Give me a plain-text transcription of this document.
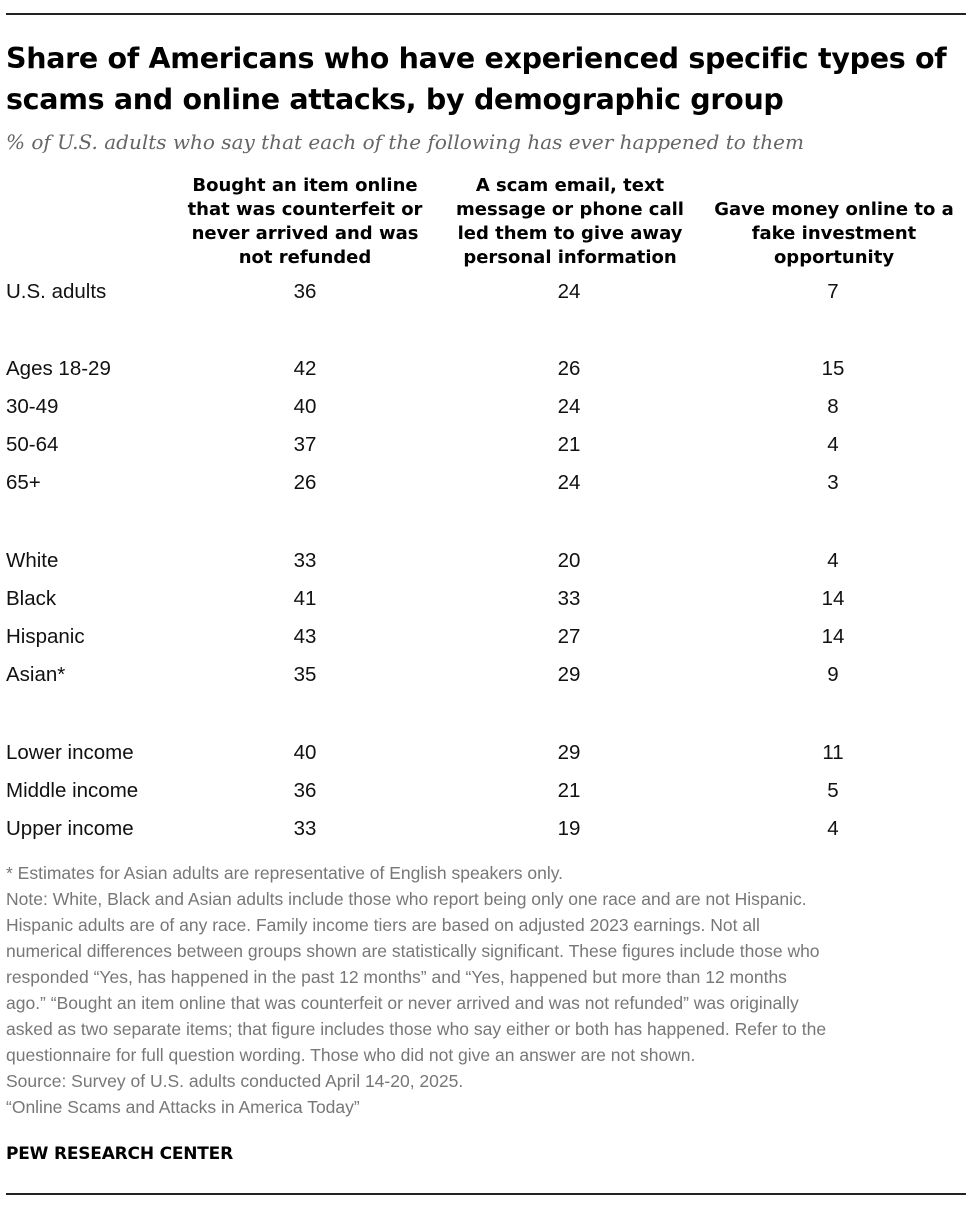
Share of Americans who have experienced specific types of
scams and online attacks, by demographic group
% of U.S. adults who say that each of the following has ever happened to them
Bought an item online
that was counterfeit or
never arrived and was
not refunded
A scam email, text
message or phone call
led them to give away
personal information
Gave money online to a
fake investment
opportunity
U.S. adults	36	24	7
Ages 18-29	42	26	15
30-49	40	24	8
50-64	37	21	4
65+	26	24	3
White	33	20	4
Black	41	33	14
Hispanic	43	27	14
Asian*	35	29	9
Lower income	40	29	11
Middle income	36	21	5
Upper income	33	19	4

* Estimates for Asian adults are representative of English speakers only.

Note: White, Black and Asian adults include those who report being only one race and are not Hispanic.

Hispanic adults are of any race. Family income tiers are based on adjusted 2023 earnings. Not all

numerical differences between groups shown are statistically significant. These figures include those who

responded “Yes, has happened in the past 12 months” and “Yes, happened but more than 12 months

ago.” “Bought an item online that was counterfeit or never arrived and was not refunded” was originally

asked as two separate items; that figure includes those who say either or both has happened. Refer to the

questionnaire for full question wording. Those who did not give an answer are not shown.

Source: Survey of U.S. adults conducted April 14-20, 2025.

“Online Scams and Attacks in America Today”

PEW RESEARCH CENTER
